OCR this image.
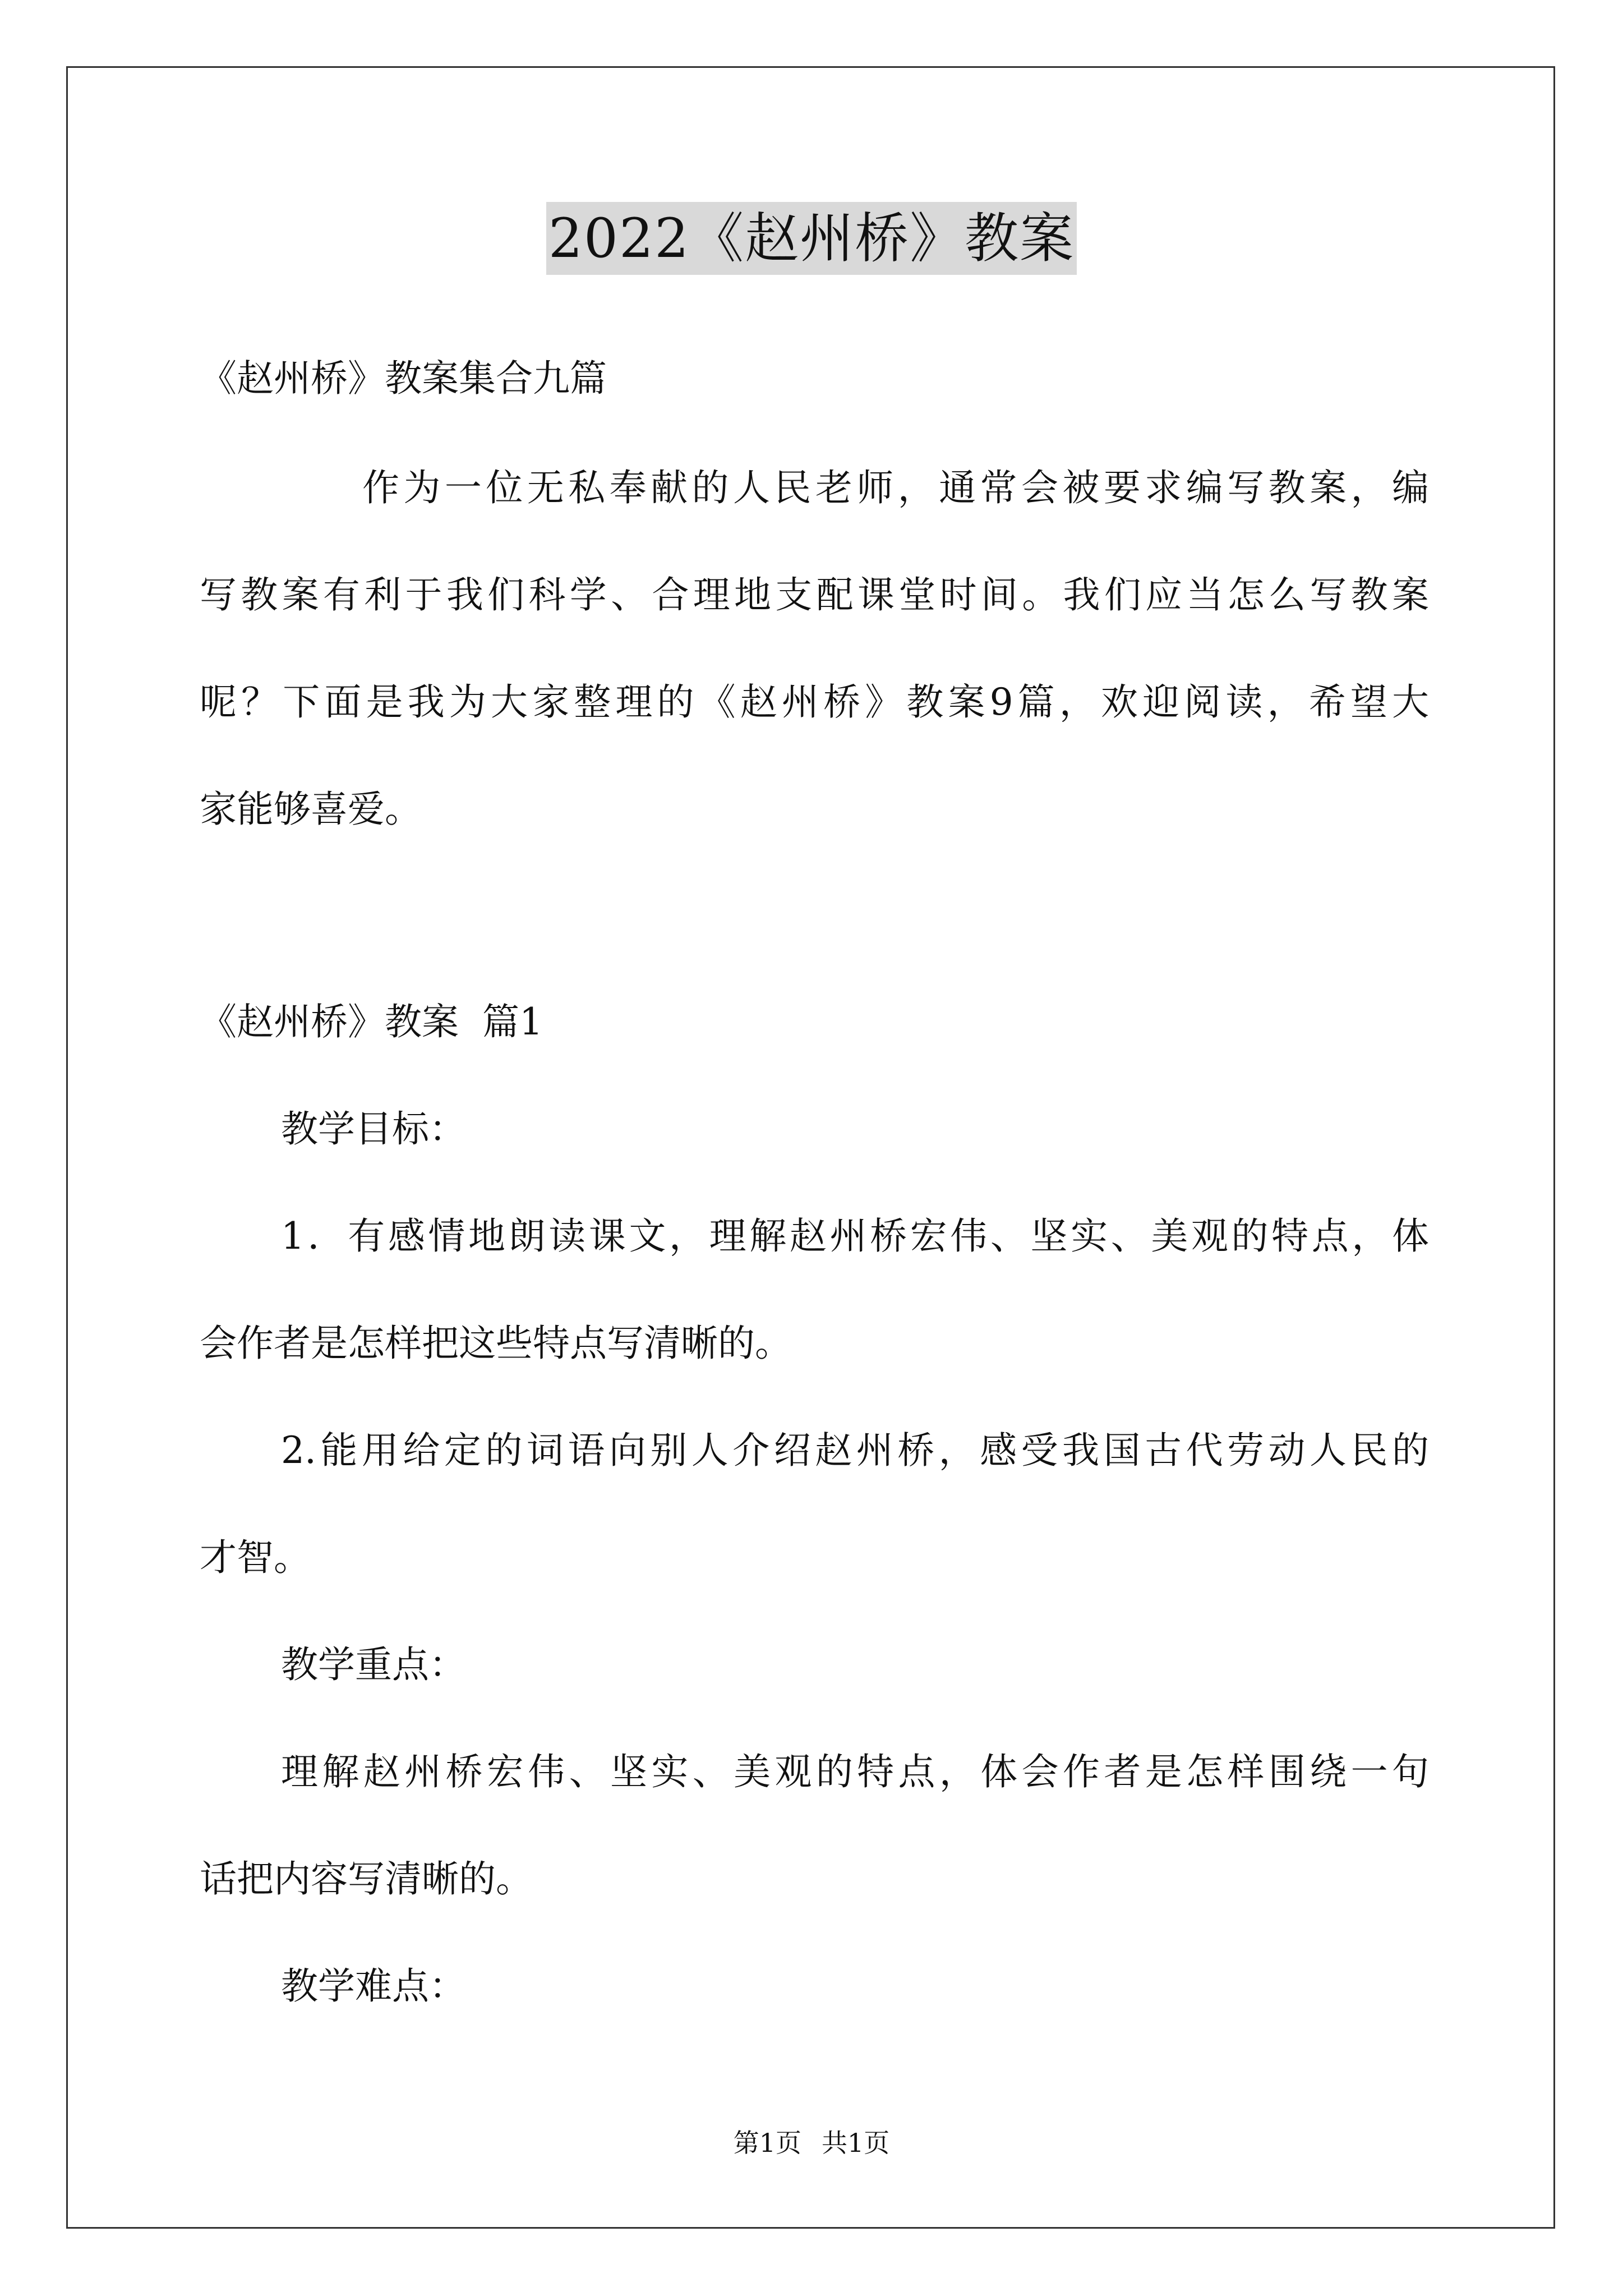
2022《赵州桥》教案
《赵州桥》教案集合九篇
作为一位无私奉献的人民老师，通常会被要求编写教案，编
写教案有利于我们科学、合理地支配课堂时间。我们应当怎么写教案
呢？下面是我为大家整理的《赵州桥》教案9篇，欢迎阅读，希望大
家能够喜爱。
《赵州桥》教案  篇1
教学目标：
1．有感情地朗读课文，理解赵州桥宏伟、坚实、美观的特点，体
会作者是怎样把这些特点写清晰的。
2.能用给定的词语向别人介绍赵州桥，感受我国古代劳动人民的
才智。
教学重点：
理解赵州桥宏伟、坚实、美观的特点，体会作者是怎样围绕一句
话把内容写清晰的。
教学难点：
第1页 共1页
